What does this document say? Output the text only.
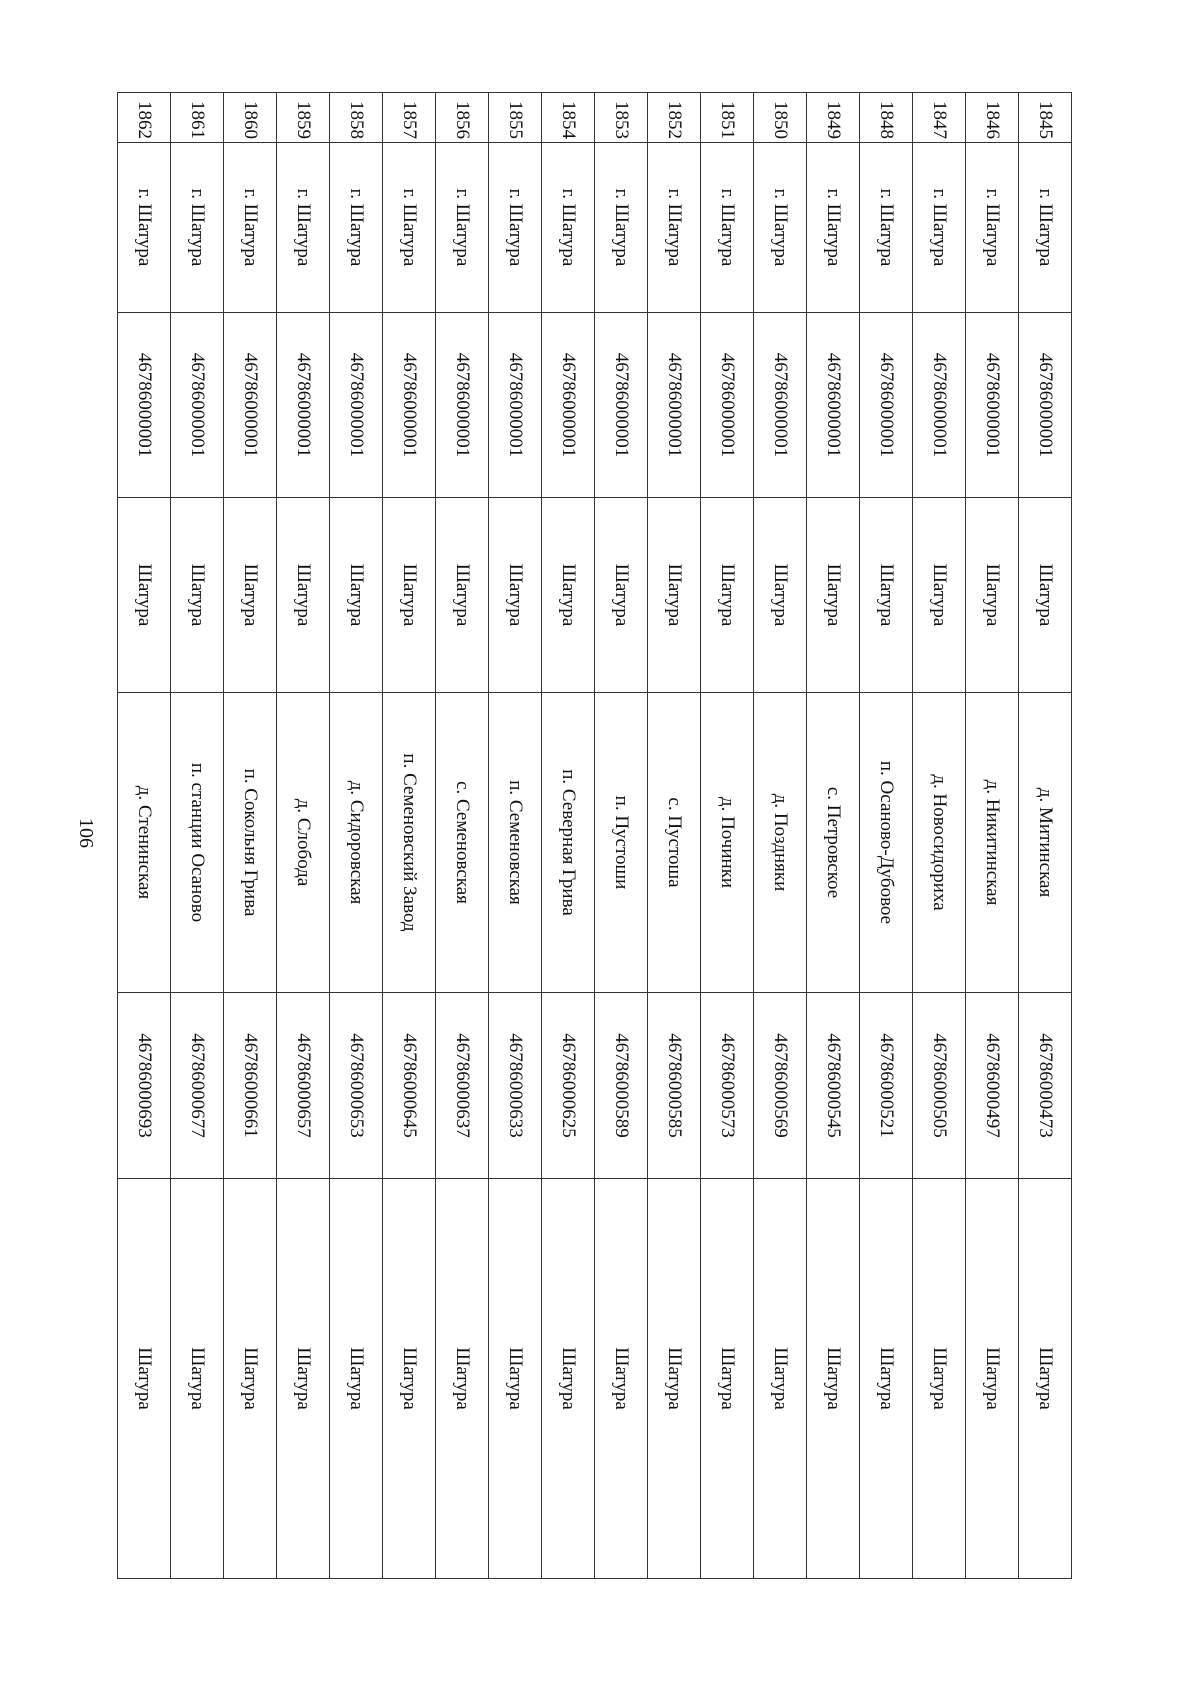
106
1845	г. Шатура	46786000001	Шатура	д. Митинская	46786000473	Шатура
1846	г. Шатура	46786000001	Шатура	д. Никитинская	46786000497	Шатура
1847	г. Шатура	46786000001	Шатура	д. Новосидориха	46786000505	Шатура
1848	г. Шатура	46786000001	Шатура	п. Осаново-Дубовое	46786000521	Шатура
1849	г. Шатура	46786000001	Шатура	с. Петровское	46786000545	Шатура
1850	г. Шатура	46786000001	Шатура	д. Поздняки	46786000569	Шатура
1851	г. Шатура	46786000001	Шатура	д. Починки	46786000573	Шатура
1852	г. Шатура	46786000001	Шатура	с. Пустоша	46786000585	Шатура
1853	г. Шатура	46786000001	Шатура	п. Пустоши	46786000589	Шатура
1854	г. Шатура	46786000001	Шатура	п. Северная Грива	46786000625	Шатура
1855	г. Шатура	46786000001	Шатура	п. Семеновская	46786000633	Шатура
1856	г. Шатура	46786000001	Шатура	с. Семеновская	46786000637	Шатура
1857	г. Шатура	46786000001	Шатура	п. Семеновский Завод	46786000645	Шатура
1858	г. Шатура	46786000001	Шатура	д. Сидоровская	46786000653	Шатура
1859	г. Шатура	46786000001	Шатура	д. Слобода	46786000657	Шатура
1860	г. Шатура	46786000001	Шатура	п. Сокольня Грива	46786000661	Шатура
1861	г. Шатура	46786000001	Шатура	п. станции Осаново	46786000677	Шатура
1862	г. Шатура	46786000001	Шатура	д. Стенинская	46786000693	Шатура
